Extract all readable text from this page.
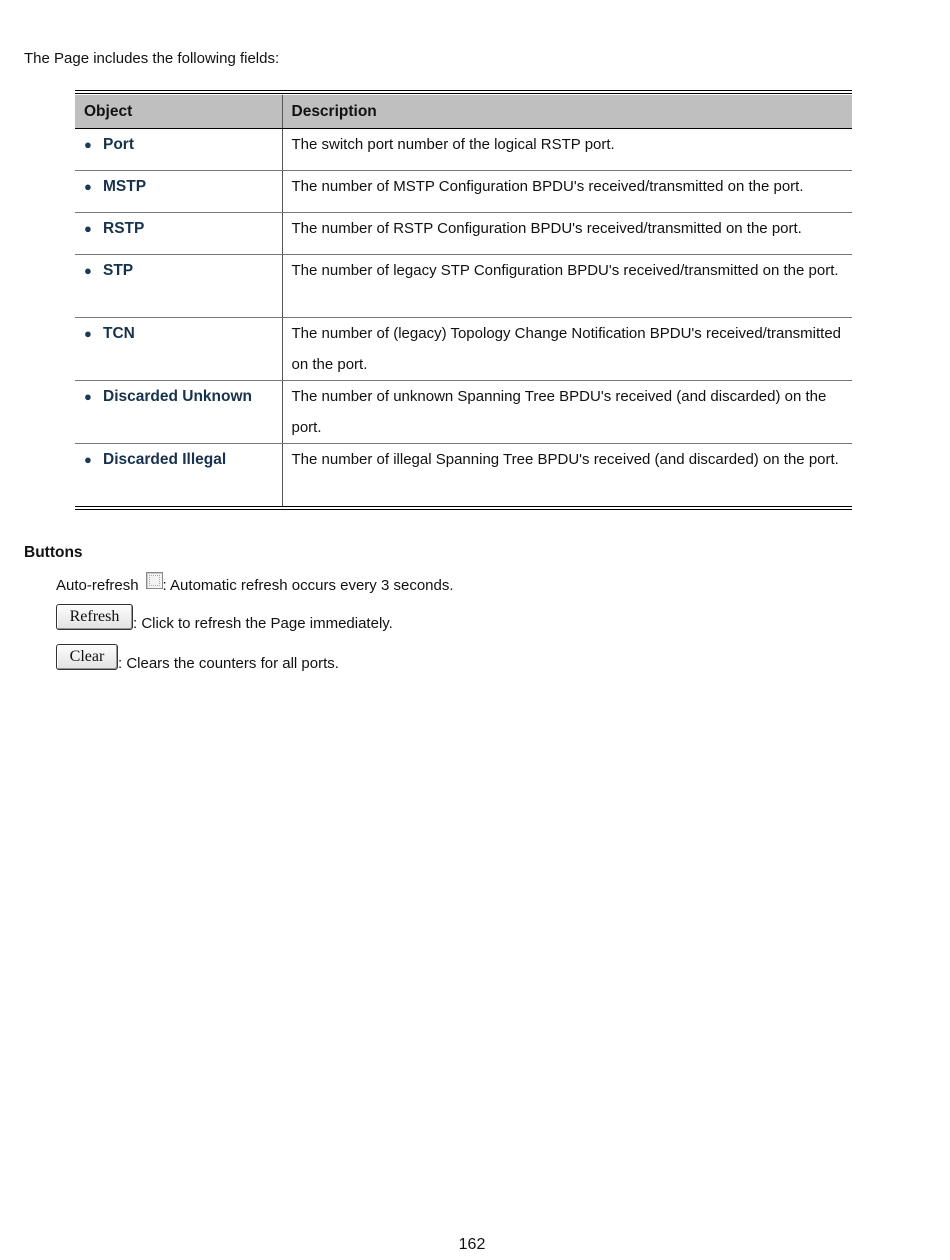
The Page includes the following fields:

Object	Description
● Port	The switch port number of the logical RSTP port.
● MSTP	The number of MSTP Configuration BPDU's received/transmitted on the port.
● RSTP	The number of RSTP Configuration BPDU's received/transmitted on the port.
● STP	The number of legacy STP Configuration BPDU's received/transmitted on the port.
● TCN	The number of (legacy) Topology Change Notification BPDU's received/transmitted on the port.
● Discarded Unknown	The number of unknown Spanning Tree BPDU's received (and discarded) on the port.
● Discarded Illegal	The number of illegal Spanning Tree BPDU's received (and discarded) on the port.

Buttons

Auto-refresh : Automatic refresh occurs every 3 seconds.
Refresh : Click to refresh the Page immediately.
Clear : Clears the counters for all ports.

162
